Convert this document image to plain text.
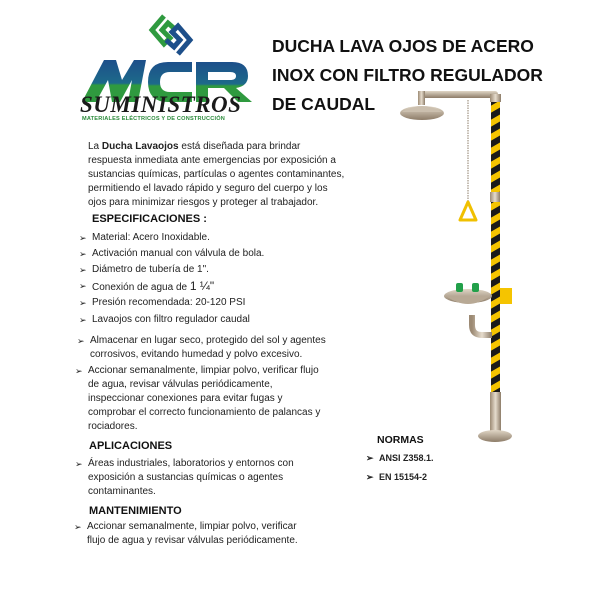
SUMINISTROS
MATERIALES ELÉCTRICOS Y DE CONSTRUCCIÓN
DUCHA LAVA OJOS DE ACERO
INOX CON FILTRO REGULADOR
DE CAUDAL
La Ducha Lavaojos está diseñada para brindar
respuesta inmediata ante emergencias por exposición a
sustancias químicas, partículas o agentes contaminantes,
permitiendo el lavado rápido y seguro del cuerpo y los
ojos para minimizar riesgos y proteger al trabajador.
ESPECIFICACIONES :
➢ Material: Acero Inoxidable.
➢ Activación manual con válvula de bola.
➢ Diámetro de tubería de 1".
➢ Conexión de agua de 1 ¼"
➢ Presión recomendada: 20-120 PSI
➢ Lavaojos con filtro regulador caudal
➢ Almacenar en lugar seco, protegido del sol y agentes
corrosivos, evitando humedad y polvo excesivo.
➢ Accionar semanalmente, limpiar polvo, verificar flujo
de agua, revisar válvulas periódicamente,
inspeccionar conexiones para evitar fugas y
comprobar el correcto funcionamiento de palancas y
rociadores.
APLICACIONES
➢ Áreas industriales, laboratorios y entornos con
exposición a sustancias químicas o agentes
contaminantes.
MANTENIMIENTO
➢ Accionar semanalmente, limpiar polvo, verificar
flujo de agua y revisar válvulas periódicamente.
NORMAS
➢ ANSI Z358.1.
➢ EN 15154-2
